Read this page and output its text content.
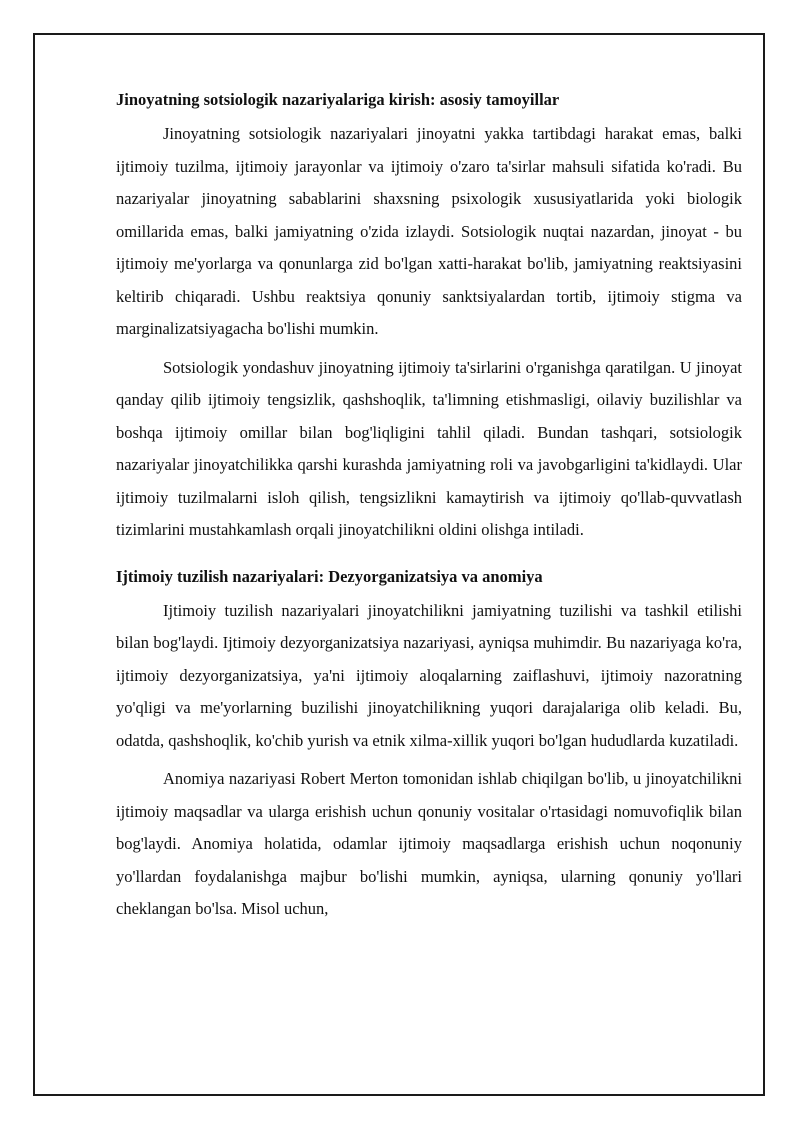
Jinoyatning sotsiologik nazariyalariga kirish: asosiy tamoyillar

Jinoyatning sotsiologik nazariyalari jinoyatni yakka tartibdagi harakat emas, balki ijtimoiy tuzilma, ijtimoiy jarayonlar va ijtimoiy o'zaro ta'sirlar mahsuli sifatida ko'radi. Bu nazariyalar jinoyatning sabablarini shaxsning psixologik xususiyatlarida yoki biologik omillarida emas, balki jamiyatning o'zida izlaydi. Sotsiologik nuqtai nazardan, jinoyat - bu ijtimoiy me'yorlarga va qonunlarga zid bo'lgan xatti-harakat bo'lib, jamiyatning reaktsiyasini keltirib chiqaradi. Ushbu reaktsiya qonuniy sanktsiyalardan tortib, ijtimoiy stigma va marginalizatsiyagacha bo'lishi mumkin.

Sotsiologik yondashuv jinoyatning ijtimoiy ta'sirlarini o'rganishga qaratilgan. U jinoyat qanday qilib ijtimoiy tengsizlik, qashshoqlik, ta'limning etishmasligi, oilaviy buzilishlar va boshqa ijtimoiy omillar bilan bog'liqligini tahlil qiladi. Bundan tashqari, sotsiologik nazariyalar jinoyatchilikka qarshi kurashda jamiyatning roli va javobgarligini ta'kidlaydi. Ular ijtimoiy tuzilmalarni isloh qilish, tengsizlikni kamaytirish va ijtimoiy qo'llab-quvvatlash tizimlarini mustahkamlash orqali jinoyatchilikni oldini olishga intiladi.

Ijtimoiy tuzilish nazariyalari: Dezyorganizatsiya va anomiya

Ijtimoiy tuzilish nazariyalari jinoyatchilikni jamiyatning tuzilishi va tashkil etilishi bilan bog'laydi. Ijtimoiy dezyorganizatsiya nazariyasi, ayniqsa muhimdir. Bu nazariyaga ko'ra, ijtimoiy dezyorganizatsiya, ya'ni ijtimoiy aloqalarning zaiflashuvi, ijtimoiy nazoratning yo'qligi va me'yorlarning buzilishi jinoyatchilikning yuqori darajalariga olib keladi. Bu, odatda, qashshoqlik, ko'chib yurish va etnik xilma-xillik yuqori bo'lgan hududlarda kuzatiladi.

Anomiya nazariyasi Robert Merton tomonidan ishlab chiqilgan bo'lib, u jinoyatchilikni ijtimoiy maqsadlar va ularga erishish uchun qonuniy vositalar o'rtasidagi nomuvofiqlik bilan bog'laydi. Anomiya holatida, odamlar ijtimoiy maqsadlarga erishish uchun noqonuniy yo'llardan foydalanishga majbur bo'lishi mumkin, ayniqsa, ularning qonuniy yo'llari cheklangan bo'lsa. Misol uchun,
